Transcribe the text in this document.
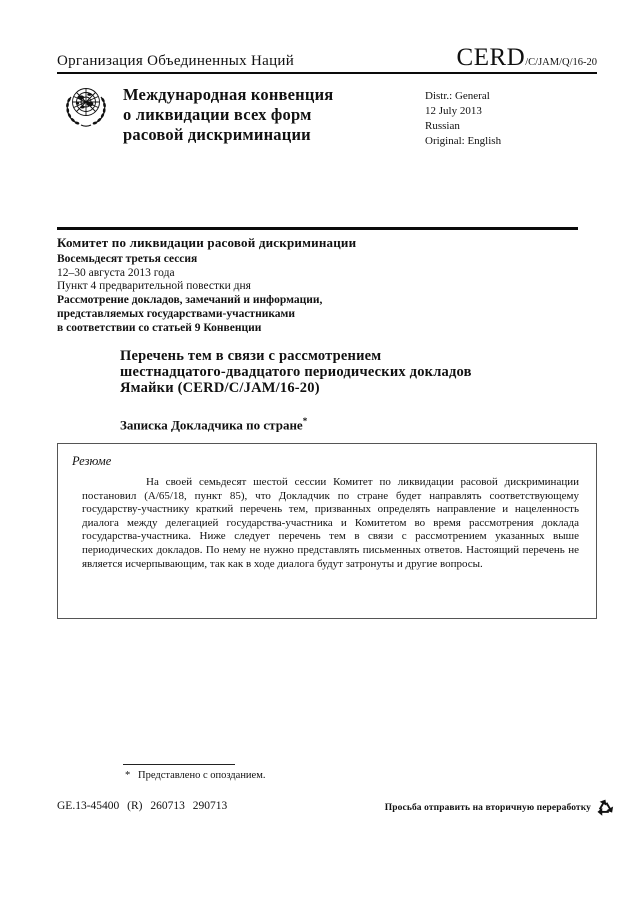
Организация Объединенных Наций	CERD/C/JAM/Q/16-20
Международная конвенция
о ликвидации всех форм
расовой дискриминации
Distr.: General
12 July 2013
Russian
Original: English
Комитет по ликвидации расовой дискриминации
Восемьдесят третья сессия
12–30 августа 2013 года
Пункт 4 предварительной повестки дня
Рассмотрение докладов, замечаний и информации,
представляемых государствами-участниками
в соответствии со статьей 9 Конвенции
Перечень тем в связи с рассмотрением
шестнадцатого-двадцатого периодических докладов
Ямайки (CERD/C/JAM/16-20)
Записка Докладчика по стране*
Резюме

На своей семьдесят шестой сессии Комитет по ликвидации расовой дискриминации постановил (A/65/18, пункт 85), что Докладчик по стране будет направлять соответствующему государству-участнику краткий перечень тем, призванных определять направление и нацеленность диалога между делегацией государства-участника и Комитетом во время рассмотрения доклада государства-участника. Ниже следует перечень тем в связи с рассмотрением указанных выше периодических докладов. По нему не нужно представлять письменных ответов. Настоящий перечень не является исчерпывающим, так как в ходе диалога будут затронуты и другие вопросы.

* Представлено с опозданием.
GE.13-45400 (R) 260713 290713	Просьба отправить на вторичную переработку
